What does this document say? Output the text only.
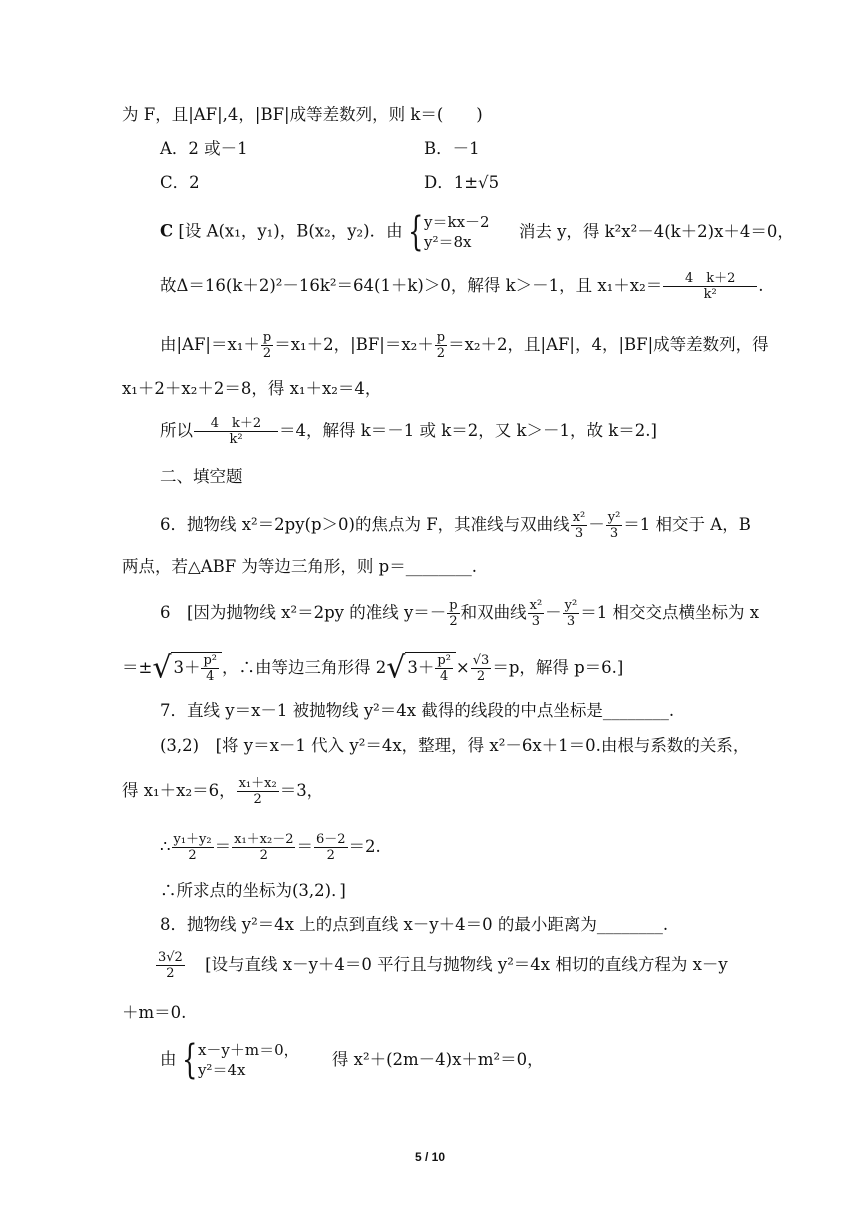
为 F，且|AF|,4，|BF|成等差数列，则 k＝(　　)
A．2 或－1	B．－1
C．2	D．1±√5
C [设 A(x₁，y₁)，B(x₂，y₂)．由 { y＝kx－2
y²＝8x
消去 y，得 k²x²－4(k＋2)x＋4＝0，
故Δ＝16(k＋2)²－16k²＝64(1＋k)＞0，解得 k＞－1，且 $x_1+x_2= \frac{4 k+2}{\text{k²}}$ .
由$|AF|=x_1+ \frac{p}{2} =x_1+2$，$|BF|=x_2+ \frac{p}{2} =x_2+2$，且|AF|，4，|BF|成等差数列，得
x₁＋2＋x₂＋2＝8，得 x₁＋x₂＝4，
所以 $\frac{4 k+2}{\text{k²}} =4$，解得 k＝－1 或 k＝2，又 k＞－1，故 k＝2.]
二、填空题
6．抛物线 x²＝2py(p＞0)的焦点为 F，其准线与双曲线 $\frac{\text{x²}}{3} - \frac{\text{y²}}{3} =1$ 相交于 A，B
两点，若△ABF 为等边三角形，则 p＝________.
6　[因为抛物线 x²＝2py 的准线 $y=- \frac{p}{2}$ 和双曲线 $\frac{\text{x²}}{3} - \frac{\text{y²}}{3} =1$ 相交交点横坐标为 x
＝±√ $3+ \frac{\text{p²}}{4}$ ，∴由等边三角形得 2√ $3+ \frac{\text{p²}}{4} \times \frac{√3}{2} =p$，解得 p＝6.]
7．直线 y＝x－1 被抛物线 y²＝4x 截得的线段的中点坐标是________.
(3,2)　[将 y＝x－1 代入 y²＝4x，整理，得 x²－6x＋1＝0.由根与系数的关系，
得 x₁＋x₂＝6， $\frac{\text{x₁＋x₂}}{2} =3$，
∴ $\frac{\text{y₁＋y₂}}{2} = \frac{\text{x₁＋x₂－2}}{2} = \frac{6-2}{2} =2$.
∴所求点的坐标为(3,2)．]
8．抛物线 y²＝4x 上的点到直线 x－y＋4＝0 的最小距离为________.
$\frac{3√2}{2}$ [设与直线 x－y＋4＝0 平行且与抛物线 y²＝4x 相切的直线方程为 x－y
＋m＝0.
由 { x－y＋m＝0，
y²＝4x
得 x²＋(2m－4)x＋m²＝0，
5 / 10
